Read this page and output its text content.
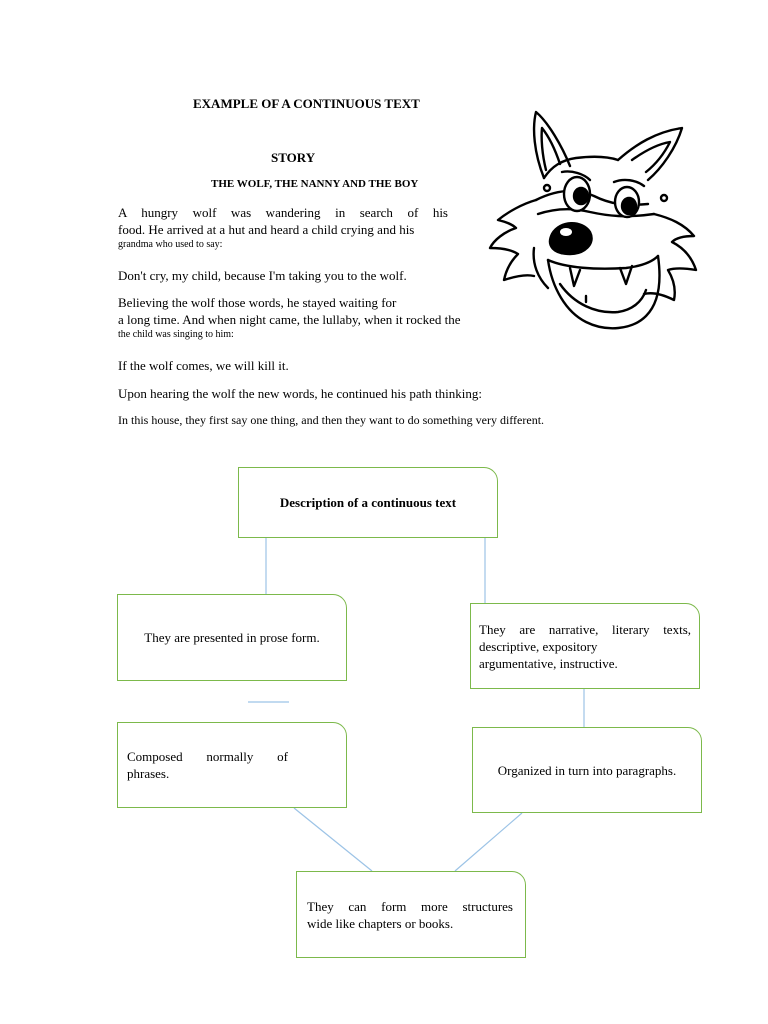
EXAMPLE OF A CONTINUOUS TEXT
STORY
THE WOLF, THE NANNY AND THE BOY
A hungry wolf was wandering in search of his
food. He arrived at a hut and heard a child crying and his
grandma who used to say:
Don't cry, my child, because I'm taking you to the wolf.
Believing the wolf those words, he stayed waiting for
a long time. And when night came, the lullaby, when it rocked the
the child was singing to him:
If the wolf comes, we will kill it.
Upon hearing the wolf the new words, he continued his path thinking:
In this house, they first say one thing, and then they want to do something very different.
Description of a continuous text
They are presented in prose form.
They are narrative, literary texts,
descriptive, expository
argumentative, instructive.
Composed normally of
phrases.	Organized in turn into paragraphs.
They can form more structures
wide like chapters or books.
